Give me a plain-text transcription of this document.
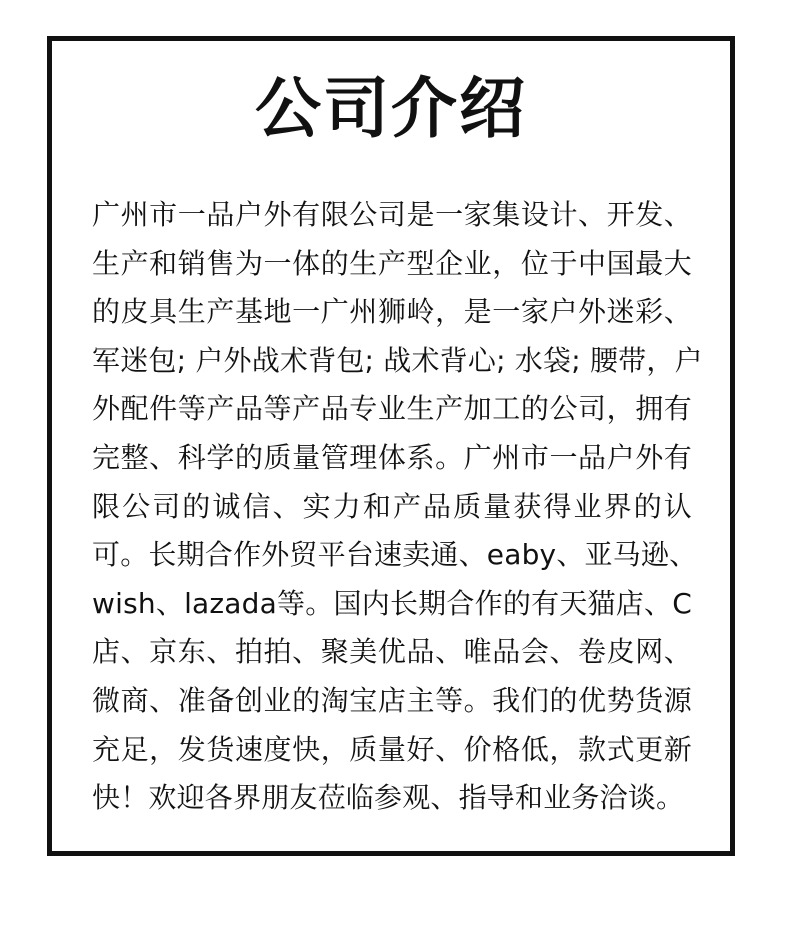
公司介绍
广州市一品户外有限公司是一家集设计、开发、
生产和销售为一体的生产型企业，位于中国最大
的皮具生产基地一广州狮岭，是一家户外迷彩、
军迷包; 户外战术背包; 战术背心; 水袋; 腰带，户
外配件等产品等产品专业生产加工的公司，拥有
完整、科学的质量管理体系。广州市一品户外有
限公司的诚信、实力和产品质量获得业界的认
可。长期合作外贸平台速卖通、eaby、亚马逊、
wish、lazada等。国内长期合作的有天猫店、C
店、京东、拍拍、聚美优品、唯品会、卷皮网、
微商、准备创业的淘宝店主等。我们的优势货源
充足，发货速度快，质量好、价格低，款式更新
快！欢迎各界朋友莅临参观、指导和业务洽谈。
